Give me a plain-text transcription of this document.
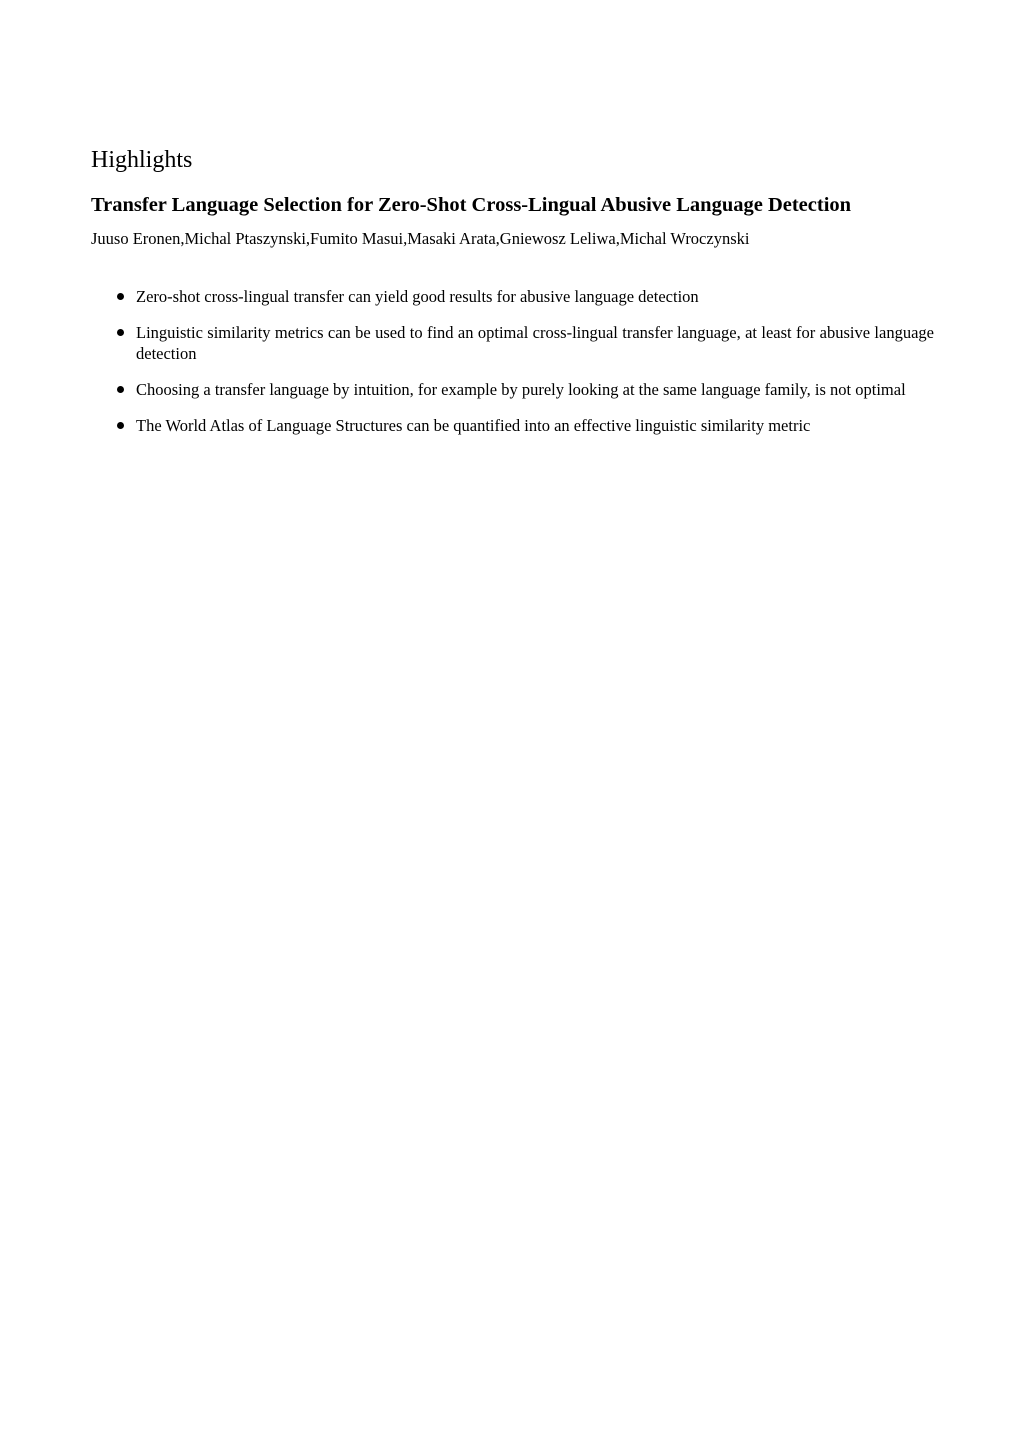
Highlights
Transfer Language Selection for Zero-Shot Cross-Lingual Abusive Language Detection

Juuso Eronen,Michal Ptaszynski,Fumito Masui,Masaki Arata,Gniewosz Leliwa,Michal Wroczynski

Zero-shot cross-lingual transfer can yield good results for abusive language detection
Linguistic similarity metrics can be used to find an optimal cross-lingual transfer language, at least for abusive language detection
Choosing a transfer language by intuition, for example by purely looking at the same language family, is not optimal
The World Atlas of Language Structures can be quantified into an effective linguistic similarity metric
